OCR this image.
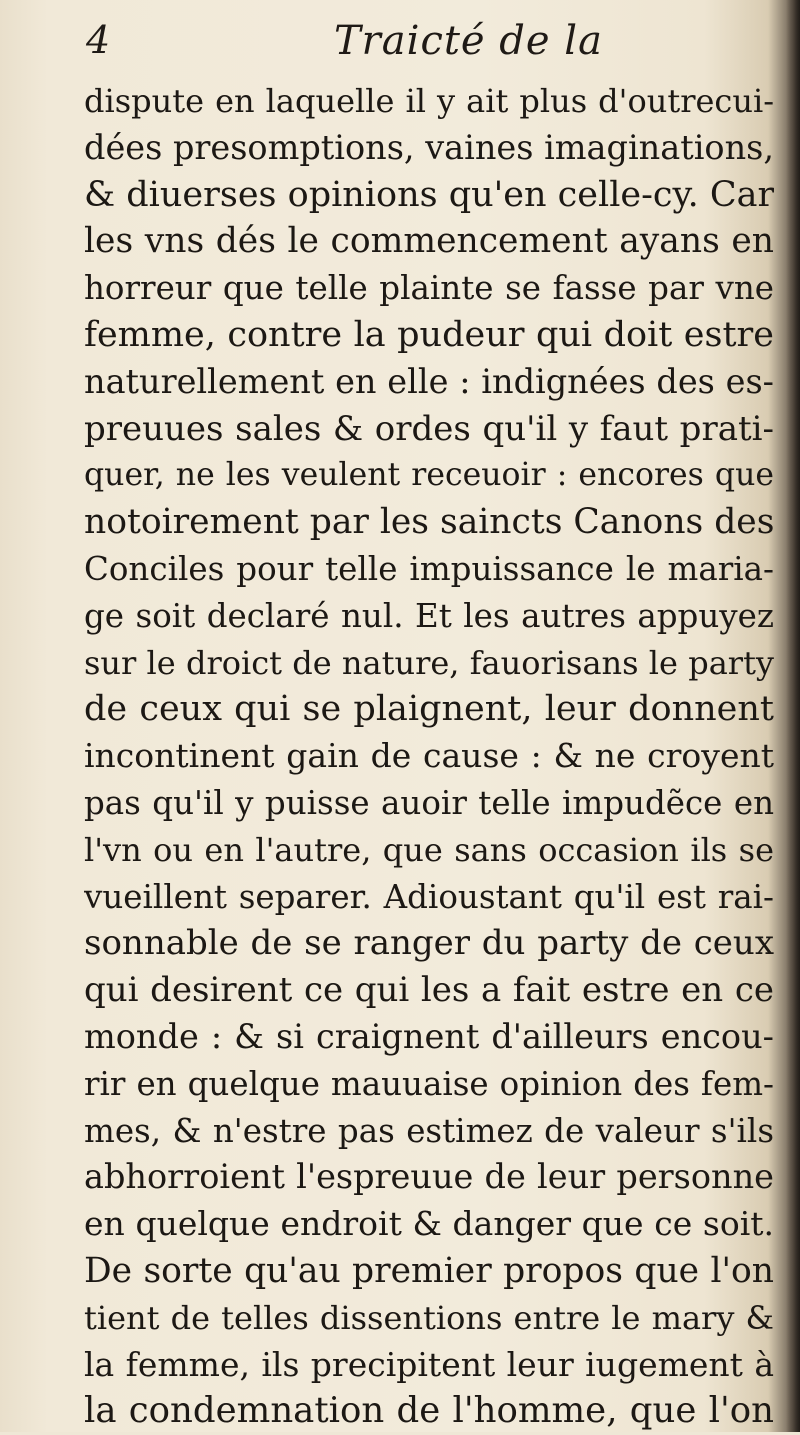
4	Traicté de la
dispute en laquelle il y ait plus d'outrecui-
dées presomptions, vaines imaginations,
& diuerses opinions qu'en celle-cy. Car
les vns dés le commencement ayans en
horreur que telle plainte se fasse par vne
femme, contre la pudeur qui doit estre
naturellement en elle : indignées des es-
preuues sales & ordes qu'il y faut prati-
quer, ne les veulent receuoir : encores que
notoirement par les saincts Canons des
Conciles pour telle impuissance le maria-
ge soit declaré nul. Et les autres appuyez
sur le droict de nature, fauorisans le party
de ceux qui se plaignent, leur donnent
incontinent gain de cause : & ne croyent
pas qu'il y puisse auoir telle impudẽce en
l'vn ou en l'autre, que sans occasion ils se
vueillent separer. Adioustant qu'il est rai-
sonnable de se ranger du party de ceux
qui desirent ce qui les a fait estre en ce
monde : & si craignent d'ailleurs encou-
rir en quelque mauuaise opinion des fem-
mes, & n'estre pas estimez de valeur s'ils
abhorroient l'espreuue de leur personne
en quelque endroit & danger que ce soit.
De sorte qu'au premier propos que l'on
tient de telles dissentions entre le mary &
la femme, ils precipitent leur iugement à
la condemnation de l'homme, que l'on
